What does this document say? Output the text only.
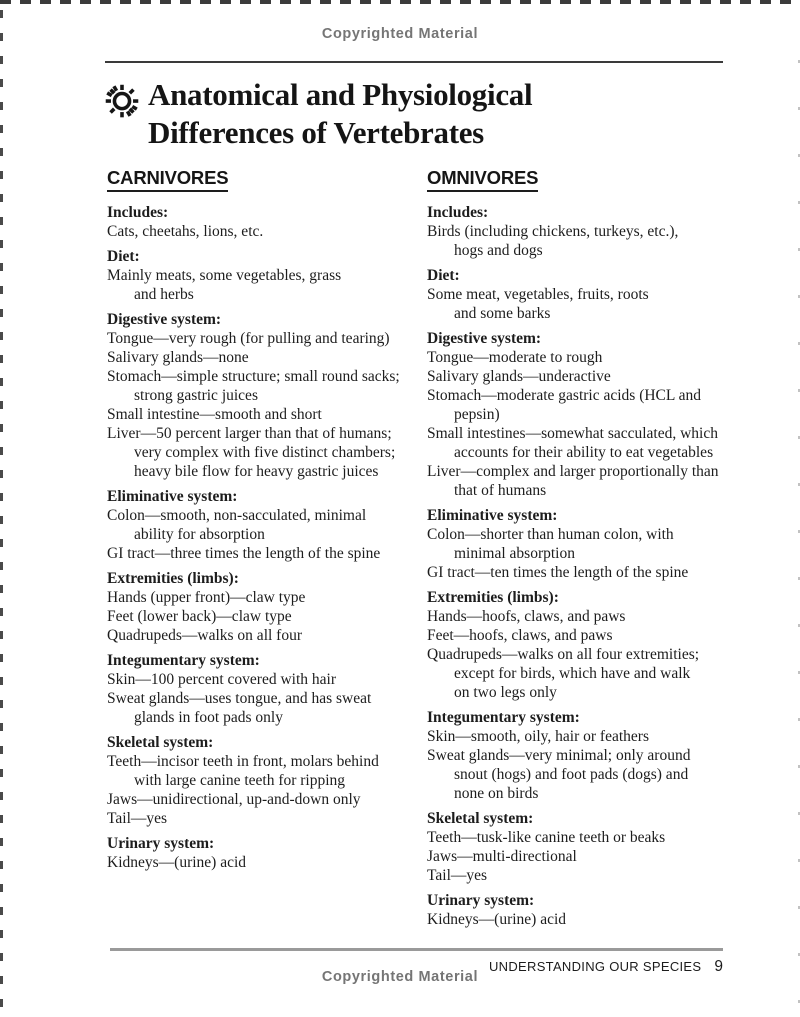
Copyrighted Material
Anatomical and Physiological
Differences of Vertebrates
CARNIVORES
Includes:
Cats, cheetahs, lions, etc.
Diet:
Mainly meats, some vegetables, grass
and herbs
Digestive system:
Tongue—very rough (for pulling and tearing)
Salivary glands—none
Stomach—simple structure; small round sacks;
strong gastric juices
Small intestine—smooth and short
Liver—50 percent larger than that of humans;
very complex with five distinct chambers;
heavy bile flow for heavy gastric juices
Eliminative system:
Colon—smooth, non-sacculated, minimal
ability for absorption
GI tract—three times the length of the spine
Extremities (limbs):
Hands (upper front)—claw type
Feet (lower back)—claw type
Quadrupeds—walks on all four
Integumentary system:
Skin—100 percent covered with hair
Sweat glands—uses tongue, and has sweat
glands in foot pads only
Skeletal system:
Teeth—incisor teeth in front, molars behind
with large canine teeth for ripping
Jaws—unidirectional, up-and-down only
Tail—yes
Urinary system:
Kidneys—(urine) acid
OMNIVORES
Includes:
Birds (including chickens, turkeys, etc.),
hogs and dogs
Diet:
Some meat, vegetables, fruits, roots
and some barks
Digestive system:
Tongue—moderate to rough
Salivary glands—underactive
Stomach—moderate gastric acids (HCL and
pepsin)
Small intestines—somewhat sacculated, which
accounts for their ability to eat vegetables
Liver—complex and larger proportionally than
that of humans
Eliminative system:
Colon—shorter than human colon, with
minimal absorption
GI tract—ten times the length of the spine
Extremities (limbs):
Hands—hoofs, claws, and paws
Feet—hoofs, claws, and paws
Quadrupeds—walks on all four extremities;
except for birds, which have and walk
on two legs only
Integumentary system:
Skin—smooth, oily, hair or feathers
Sweat glands—very minimal; only around
snout (hogs) and foot pads (dogs) and
none on birds
Skeletal system:
Teeth—tusk-like canine teeth or beaks
Jaws—multi-directional
Tail—yes
Urinary system:
Kidneys—(urine) acid
UNDERSTANDING OUR SPECIES 9
Copyrighted Material
